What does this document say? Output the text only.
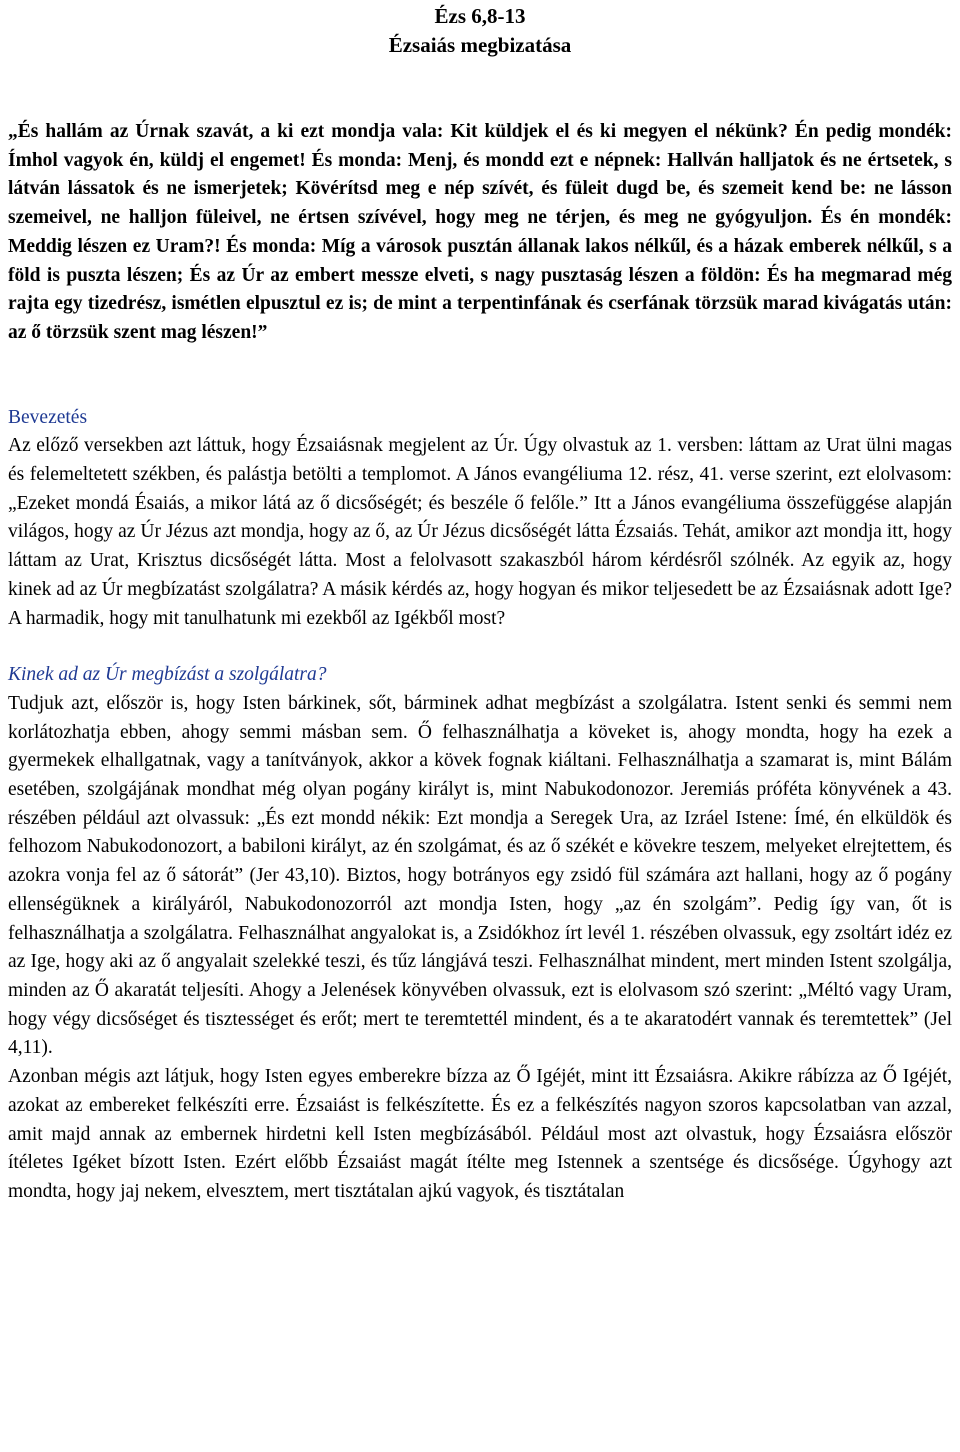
Ézs 6,8-13

Ézsaiás megbizatása

„És hallám az Úrnak szavát, a ki ezt mondja vala: Kit küldjek el és ki megyen el nékünk? Én pedig mondék: Ímhol vagyok én, küldj el engemet! És monda: Menj, és mondd ezt e népnek: Hallván halljatok és ne értsetek, s látván lássatok és ne ismerjetek; Kövérítsd meg e nép szívét, és füleit dugd be, és szemeit kend be: ne lásson szemeivel, ne halljon füleivel, ne értsen szívével, hogy meg ne térjen, és meg ne gyógyuljon. És én mondék: Meddig lészen ez Uram?! És monda: Míg a városok pusztán állanak lakos nélkűl, és a házak emberek nélkűl, s a föld is puszta lészen; És az Úr az embert messze elveti, s nagy pusztaság lészen a földön: És ha megmarad még rajta egy tizedrész, ismétlen elpusztul ez is; de mint a terpentinfának és cserfának törzsük marad kivágatás után: az ő törzsük szent mag lészen!”

Bevezetés

Az előző versekben azt láttuk, hogy Ézsaiásnak megjelent az Úr. Úgy olvastuk az 1. versben: láttam az Urat ülni magas és felemeltetett székben, és palástja betölti a templomot. A János evangéliuma 12. rész, 41. verse szerint, ezt elolvasom: „Ezeket mondá Ésaiás, a mikor látá az ő dicsőségét; és beszéle ő felőle.” Itt a János evangéliuma összefüggése alapján világos, hogy az Úr Jézus azt mondja, hogy az ő, az Úr Jézus dicsőségét látta Ézsaiás. Tehát, amikor azt mondja itt, hogy láttam az Urat, Krisztus dicsőségét látta. Most a felolvasott szakaszból három kérdésről szólnék. Az egyik az, hogy kinek ad az Úr megbízatást szolgálatra? A másik kérdés az, hogy hogyan és mikor teljesedett be az Ézsaiásnak adott Ige? A harmadik, hogy mit tanulhatunk mi ezekből az Igékből most?

Kinek ad az Úr megbízást a szolgálatra?

Tudjuk azt, először is, hogy Isten bárkinek, sőt, bárminek adhat megbízást a szolgálatra. Istent senki és semmi nem korlátozhatja ebben, ahogy semmi másban sem. Ő felhasználhatja a köveket is, ahogy mondta, hogy ha ezek a gyermekek elhallgatnak, vagy a tanítványok, akkor a kövek fognak kiáltani. Felhasználhatja a szamarat is, mint Bálám esetében, szolgájának mondhat még olyan pogány királyt is, mint Nabukodonozor. Jeremiás próféta könyvének a 43. részében például azt olvassuk: „És ezt mondd nékik: Ezt mondja a Seregek Ura, az Izráel Istene: Ímé, én elküldök és felhozom Nabukodonozort, a babiloni királyt, az én szolgámat, és az ő székét e kövekre teszem, melyeket elrejtettem, és azokra vonja fel az ő sátorát” (Jer 43,10). Biztos, hogy botrányos egy zsidó fül számára azt hallani, hogy az ő pogány ellenségüknek a királyáról, Nabukodonozorról azt mondja Isten, hogy „az én szolgám”. Pedig így van, őt is felhasználhatja a szolgálatra. Felhasználhat angyalokat is, a Zsidókhoz írt levél 1. részében olvassuk, egy zsoltárt idéz ez az Ige, hogy aki az ő angyalait szelekké teszi, és tűz lángjává teszi. Felhasználhat mindent, mert minden Istent szolgálja, minden az Ő akaratát teljesíti. Ahogy a Jelenések könyvében olvassuk, ezt is elolvasom szó szerint: „Méltó vagy Uram, hogy végy dicsőséget és tisztességet és erőt; mert te teremtettél mindent, és a te akaratodért vannak és teremtettek” (Jel 4,11).

Azonban mégis azt látjuk, hogy Isten egyes emberekre bízza az Ő Igéjét, mint itt Ézsaiásra. Akikre rábízza az Ő Igéjét, azokat az embereket felkészíti erre. Ézsaiást is felkészítette. És ez a felkészítés nagyon szoros kapcsolatban van azzal, amit majd annak az embernek hirdetni kell Isten megbízásából. Például most azt olvastuk, hogy Ézsaiásra először ítéletes Igéket bízott Isten. Ezért előbb Ézsaiást magát ítélte meg Istennek a szentsége és dicsősége. Úgyhogy azt mondta, hogy jaj nekem, elvesztem, mert tisztátalan ajkú vagyok, és tisztátalan
